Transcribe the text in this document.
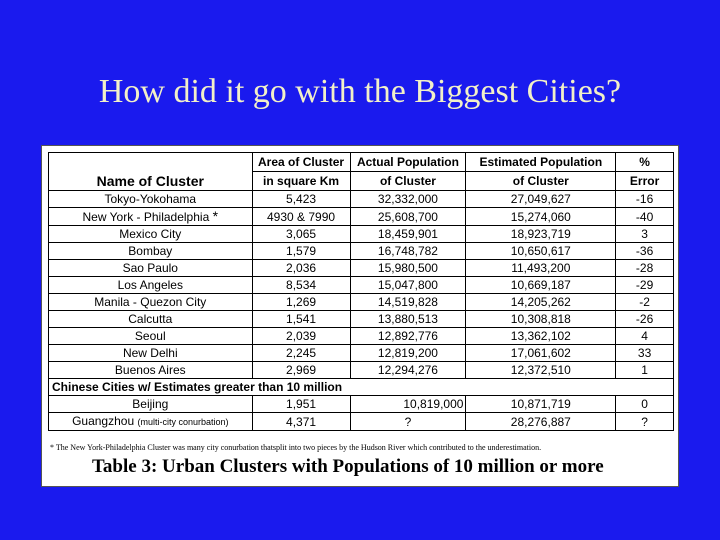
How did it go with the Biggest Cities?
	Area of Cluster	Actual Population	Estimated Population	%
Name of Cluster	in square Km	of Cluster	of Cluster	Error
Tokyo-Yokohama	5,423	32,332,000	27,049,627	-16
New York - Philadelphia *	4930 & 7990	25,608,700	15,274,060	-40
Mexico City	3,065	18,459,901	18,923,719	3
Bombay	1,579	16,748,782	10,650,617	-36
Sao Paulo	2,036	15,980,500	11,493,200	-28
Los Angeles	8,534	15,047,800	10,669,187	-29
Manila - Quezon City	1,269	14,519,828	14,205,262	-2
Calcutta	1,541	13,880,513	10,308,818	-26
Seoul	2,039	12,892,776	13,362,102	4
New Delhi	2,245	12,819,200	17,061,602	33
Buenos Aires	2,969	12,294,276	12,372,510	1
Chinese Cities w/ Estimates greater than 10 million				
Beijing	1,951	10,819,000	10,871,719	0
Guangzhou (multi-city conurbation)	4,371	?	28,276,887	?
* The New York-Philadelphia Cluster was many city conurbation thatsplit into two pieces by the Hudson River which contributed to the underestimation.
Table 3: Urban Clusters with Populations of 10 million or more
